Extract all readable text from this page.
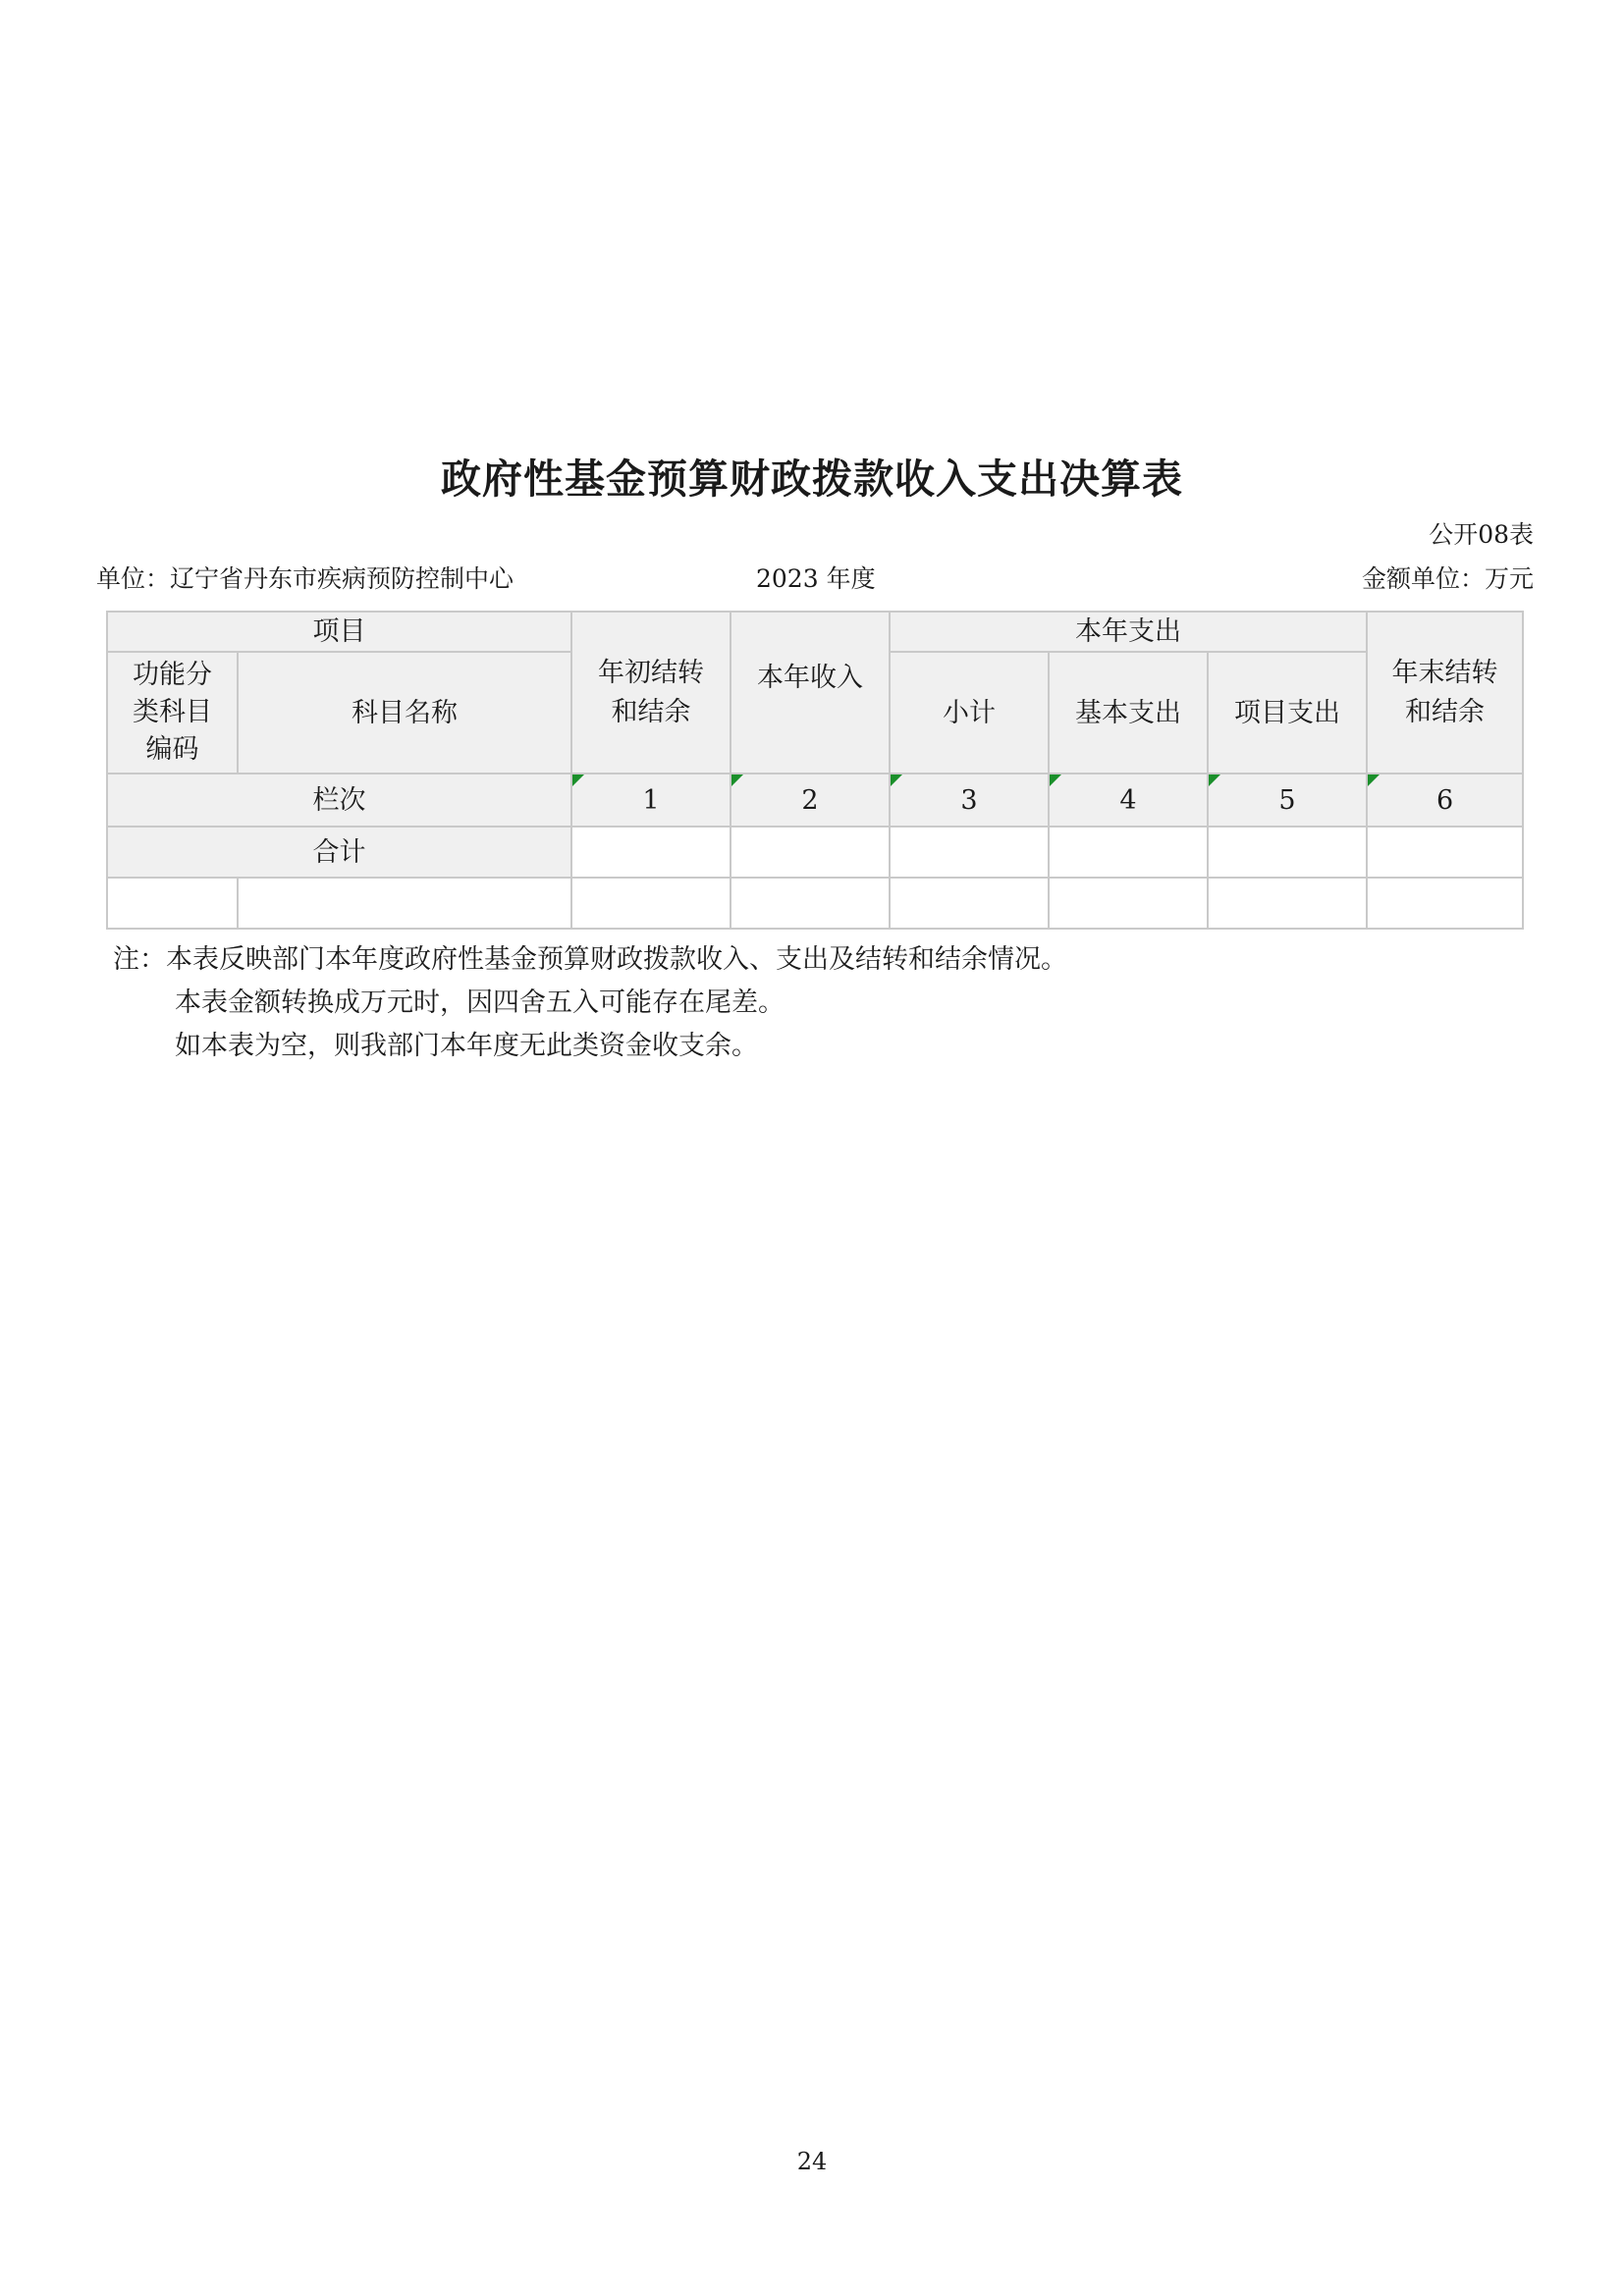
政府性基金预算财政拨款收入支出决算表
公开08表
单位：辽宁省丹东市疾病预防控制中心	2023 年度	金额单位：万元
项目		年初结转和结余	本年收入	本年支出			年末结转和结余

功能分类科目编码	科目名称			小计	基本支出	项目支出	
栏次		1	2	3	4	5	6
合计							

注：本表反映部门本年度政府性基金预算财政拨款收入、支出及结转和结余情况。
本表金额转换成万元时，因四舍五入可能存在尾差。
如本表为空，则我部门本年度无此类资金收支余。
24
